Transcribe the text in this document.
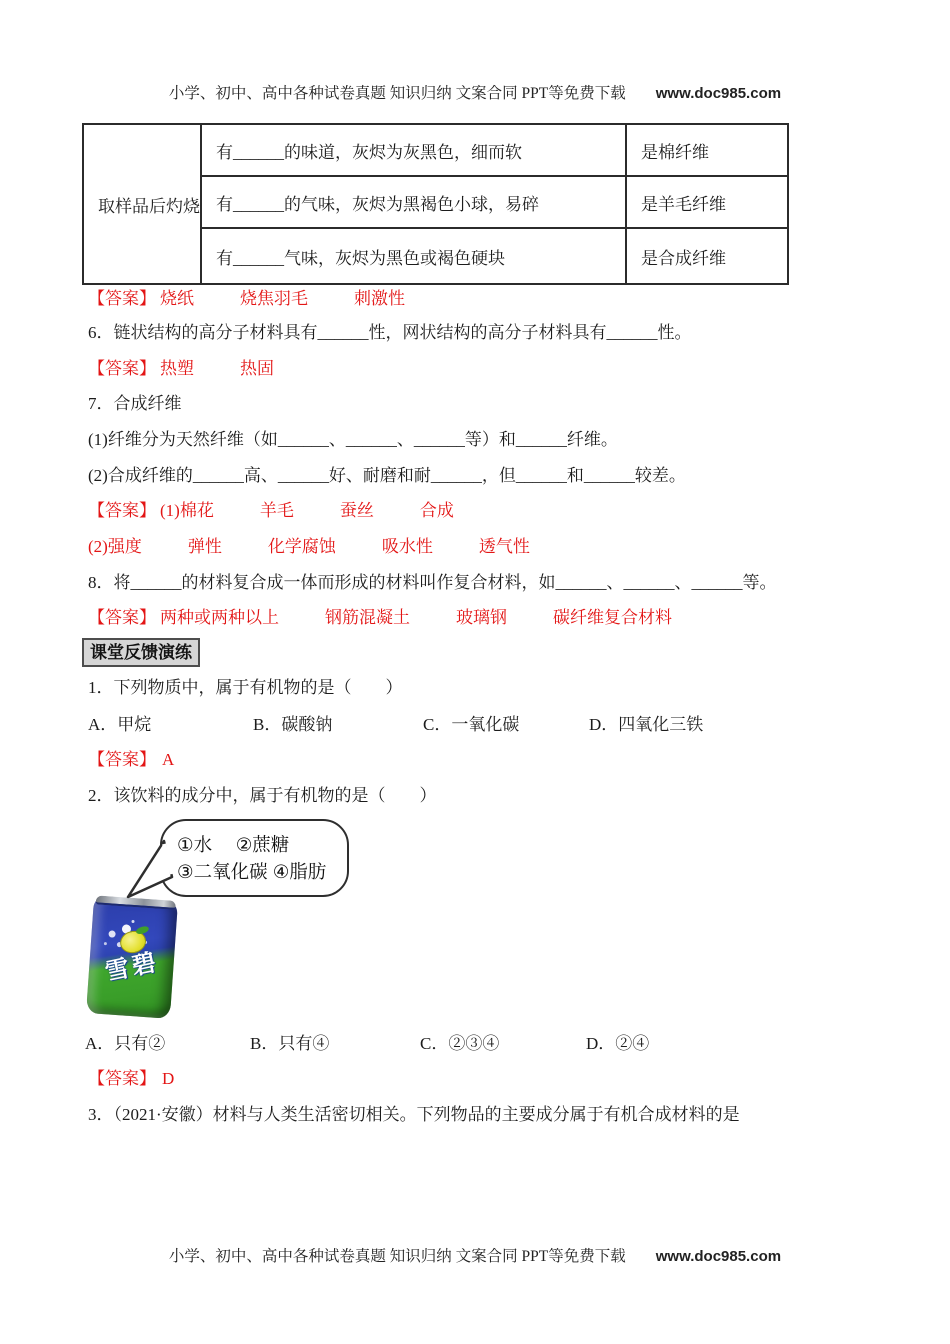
小学、初中、高中各种试卷真题 知识归纳 文案合同 PPT等免费下载 www.doc985.com
取样品后灼烧	有______的味道，灰烬为灰黑色，细而软	是棉纤维
	有______的气味，灰烬为黑褐色小球，易碎	是羊毛纤维
	有______气味，灰烬为黑色或褐色硬块	是合成纤维
【答案】 烧纸	烧焦羽毛	刺激性
6．链状结构的高分子材料具有______性，网状结构的高分子材料具有______性。
【答案】 热塑	热固
7．合成纤维
(1)纤维分为天然纤维（如______、______、______等）和______纤维。
(2)合成纤维的______高、______好、耐磨和耐______，但______和______较差。
【答案】 (1)棉花	羊毛	蚕丝	合成
(2)强度	弹性	化学腐蚀	吸水性	透气性
8．将______的材料复合成一体而形成的材料叫作复合材料，如______、______、______等。
【答案】 两种或两种以上	钢筋混凝土	玻璃钢	碳纤维复合材料
课堂反馈演练
1．下列物质中，属于有机物的是（　　）
A．甲烷	B．碳酸钠	C．一氧化碳	D．四氧化三铁
【答案】 A
2．该饮料的成分中，属于有机物的是（　　）
①水　 ②蔗糖
③二氧化碳 ④脂肪
雪碧
A．只有②	B．只有④	C．②③④	D．②④
【答案】 D
3．（2021·安徽）材料与人类生活密切相关。下列物品的主要成分属于有机合成材料的是
小学、初中、高中各种试卷真题 知识归纳 文案合同 PPT等免费下载 www.doc985.com
